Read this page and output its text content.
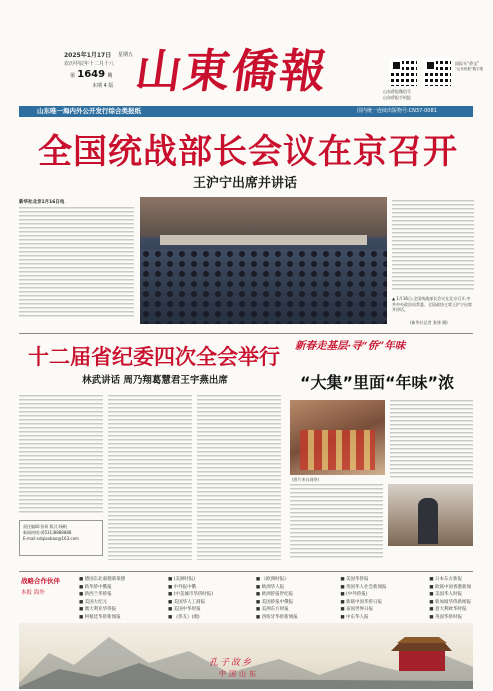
2025年1月17日 星期五
农历甲辰年十二月十八
第 1649 期
本期 4 版 山東僑報	山东侨报微信号
山东侨报手机报
国际头“侨宝”
“山东侨报”数字报
山东唯一海内外公开发行综合类报纸	国内统一连续出版物号:CN37-0081
全国统战部长会议在京召开
王沪宁出席并讲话
新华社北京1月16日电
▲ 1月16日,全国统战部长会议在北京召开,中共中央政治局常委、全国政协主席王沪宁出席并讲话。
(新华社记者 张铎 摄)
十二届省纪委四次全会举行
林武讲话 周乃翔葛慧君王宇燕出席
责任编辑:张妍 版式:杨帆
新闻热线:(0531)8888888
E-mail:sdqiaobao@163.com
新春走基层·寻“侨”年味
“大集”里面“年味”浓
(图片来自网络)
战略合作伙伴
本报 海外
■ 德国东北嘉德慕莱德
■ 新华侨中俄报
■ 新西兰华侨报
■ 美国大纪元
■ 澳大利亚华侨报
■ 阿根廷华侨新闻报
■ (美洲时报)
■ 中外报中俄
■ (中美城市华侨时报)
■ 美国华人工商报
■ 美国中华时报
■ 《侨友》(澳)
■ 《欧洲时报》
■ 欧洲华人报
■ 欧洲侨报世纪报
■ 美国侨报中俄报
■ 美洲东方时报
■ 西班牙华侨新闻报
■ 美国华侨报
■ 英国华人社会新闻报
■ (中外侨报)
■ 新联中国华侨日报
■ 泰国世界日报
■ 中东华人报
■ 日本东方新报
■ 欧联中国香港新闻
■ 美国华人时报
■ 新加坡华侨新闻报
■ 意大利欧华时报
■ 英国华侨时报
孔子故乡
中国山东
